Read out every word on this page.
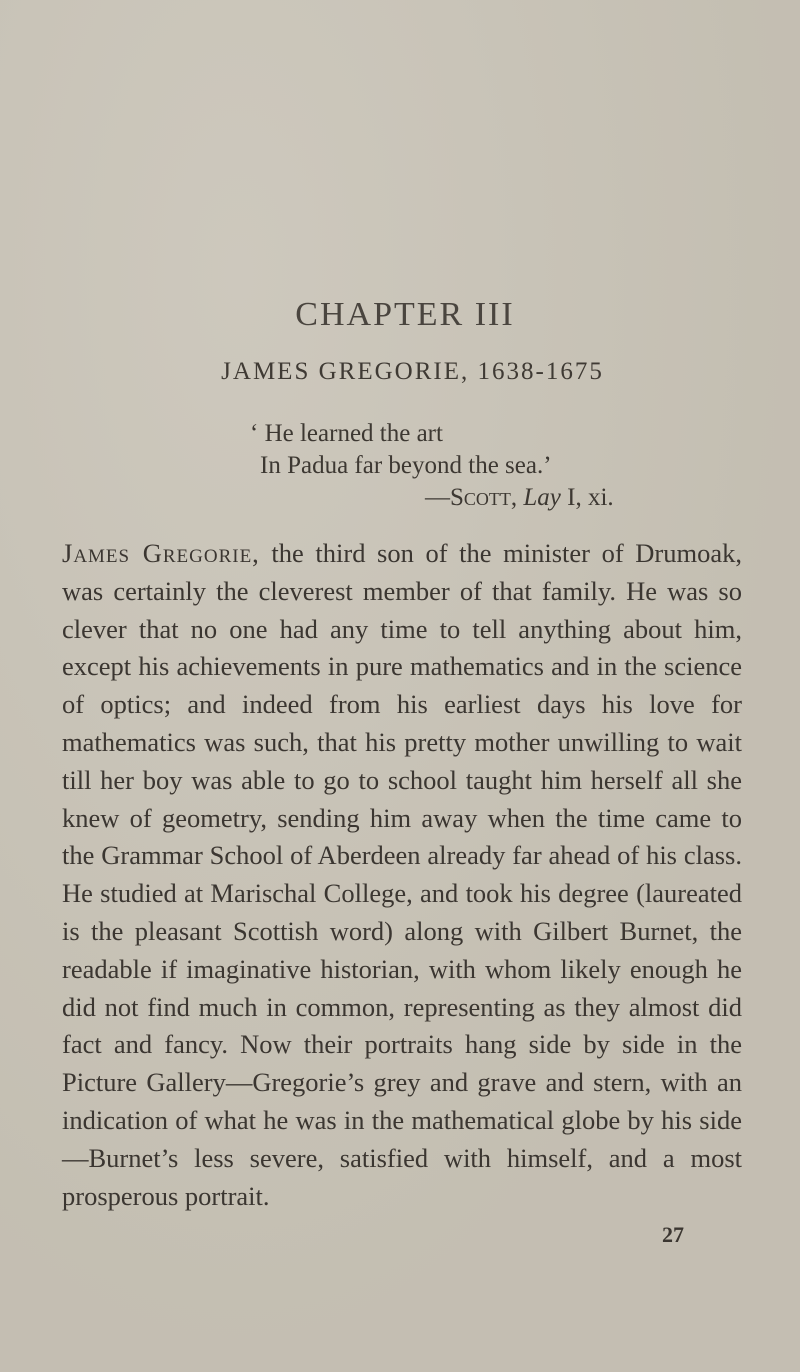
CHAPTER III
JAMES GREGORIE, 1638-1675
‘ He learned the art
In Padua far beyond the sea.’
—Scott, Lay I, xi.

James Gregorie, the third son of the minister of Drumoak, was certainly the cleverest member of that family. He was so clever that no one had any time to tell anything about him, except his achievements in pure mathematics and in the science of optics; and indeed from his earliest days his love for mathematics was such, that his pretty mother unwilling to wait till her boy was able to go to school taught him herself all she knew of geometry, sending him away when the time came to the Grammar School of Aberdeen already far ahead of his class. He studied at Marischal College, and took his degree (laureated is the pleasant Scottish word) along with Gilbert Burnet, the readable if imaginative historian, with whom likely enough he did not find much in common, representing as they almost did fact and fancy. Now their portraits hang side by side in the Picture Gallery—Gregorie’s grey and grave and stern, with an indication of what he was in the mathematical globe by his side—Burnet’s less severe, satisfied with himself, and a most prosperous portrait.

27
